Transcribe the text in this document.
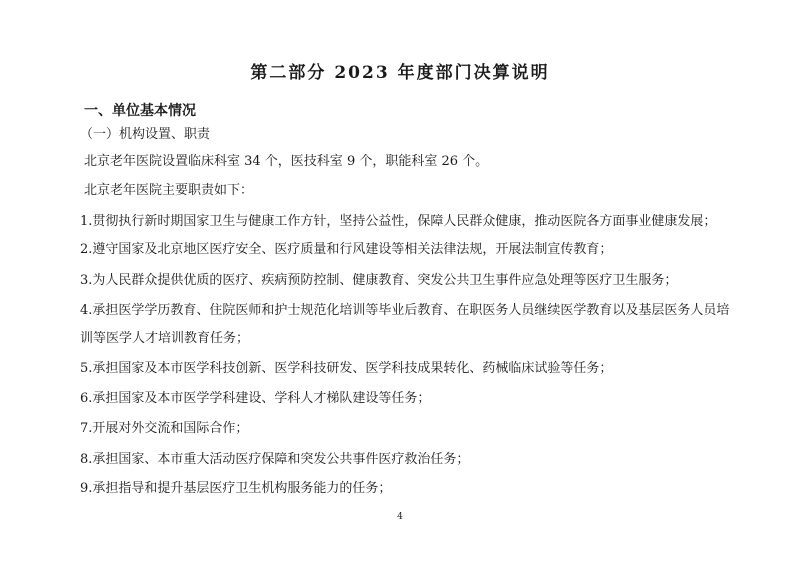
第二部分 2023 年度部门决算说明
一、单位基本情况
（一）机构设置、职责
北京老年医院设置临床科室 34 个，医技科室 9 个，职能科室 26 个。
北京老年医院主要职责如下：
1.贯彻执行新时期国家卫生与健康工作方针，坚持公益性，保障人民群众健康，推动医院各方面事业健康发展；
2.遵守国家及北京地区医疗安全、医疗质量和行风建设等相关法律法规，开展法制宣传教育；
3.为人民群众提供优质的医疗、疾病预防控制、健康教育、突发公共卫生事件应急处理等医疗卫生服务；
4.承担医学学历教育、住院医师和护士规范化培训等毕业后教育、在职医务人员继续医学教育以及基层医务人员培
训等医学人才培训教育任务；
5.承担国家及本市医学科技创新、医学科技研发、医学科技成果转化、药械临床试验等任务；
6.承担国家及本市医学学科建设、学科人才梯队建设等任务；
7.开展对外交流和国际合作；
8.承担国家、本市重大活动医疗保障和突发公共事件医疗救治任务；
9.承担指导和提升基层医疗卫生机构服务能力的任务；
4
